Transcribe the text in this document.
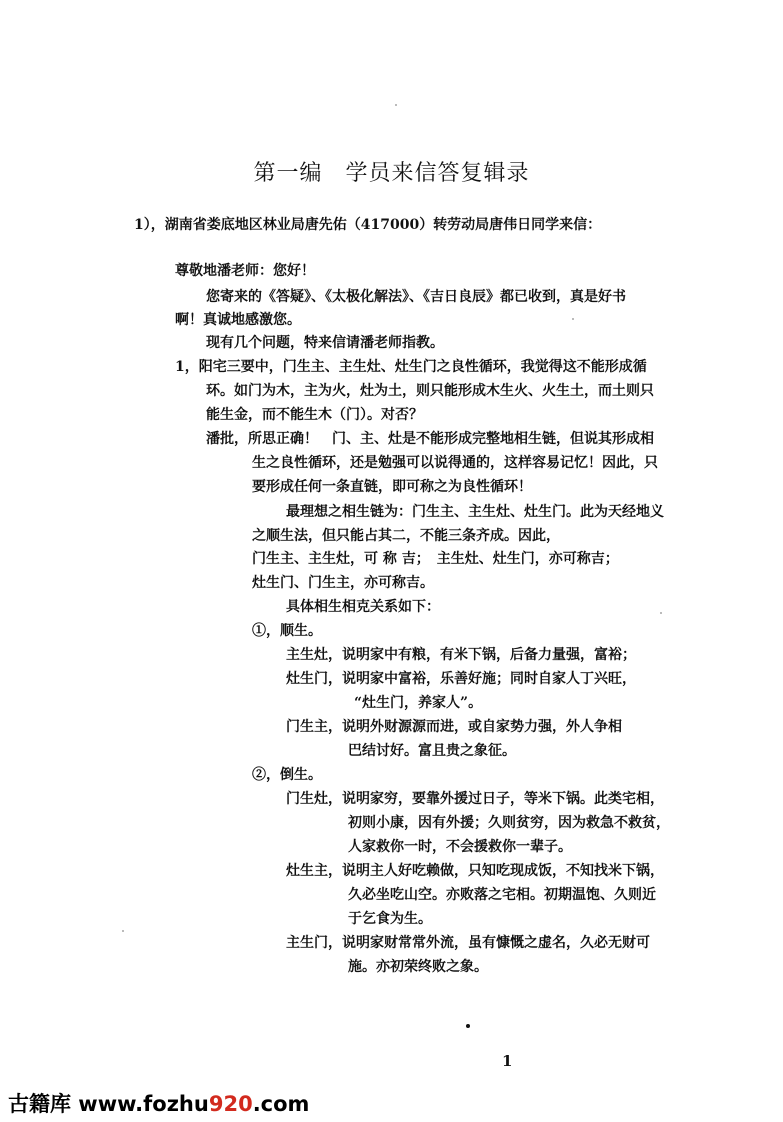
第一编　学员来信答复辑录
1），湖南省娄底地区林业局唐先佑（417000）转劳动局唐伟日同学来信：
尊敬地潘老师：您好！
您寄来的《答疑》、《太极化解法》、《吉日良辰》都已收到，真是好书
啊！真诚地感激您。
现有几个问题，特来信请潘老师指教。
1，阳宅三要中，门生主、主生灶、灶生门之良性循环，我觉得这不能形成循
环。如门为木，主为火，灶为土，则只能形成木生火、火生土，而土则只
能生金，而不能生木（门）。对否？
潘批，所思正确！　门、主、灶是不能形成完整地相生链，但说其形成相
生之良性循环，还是勉强可以说得通的，这样容易记忆！因此，只
要形成任何一条直链，即可称之为良性循环！
最理想之相生链为：门生主、主生灶、灶生门。此为天经地义
之顺生法，但只能占其二，不能三条齐成。因此，
门生主、主生灶，可 称 吉；　主生灶、灶生门，亦可称吉；
灶生门、门生主，亦可称吉。
具体相生相克关系如下：
①，顺生。
主生灶，说明家中有粮，有米下锅，后备力量强，富裕；
灶生门，说明家中富裕，乐善好施；同时自家人丁兴旺，
“灶生门，养家人”。
门生主，说明外财源源而进，或自家势力强，外人争相
巴结讨好。富且贵之象征。
②，倒生。
门生灶，说明家穷，要靠外援过日子，等米下锅。此类宅相，
初则小康，因有外援；久则贫穷，因为救急不救贫，
人家救你一时，不会援救你一辈子。
灶生主，说明主人好吃赖做，只知吃现成饭，不知找米下锅，
久必坐吃山空。亦败落之宅相。初期温饱、久则近
于乞食为生。
主生门，说明家财常常外流，虽有慷慨之虚名，久必无财可
施。亦初荣终败之象。
1
古籍库 www.fozhu920.com
